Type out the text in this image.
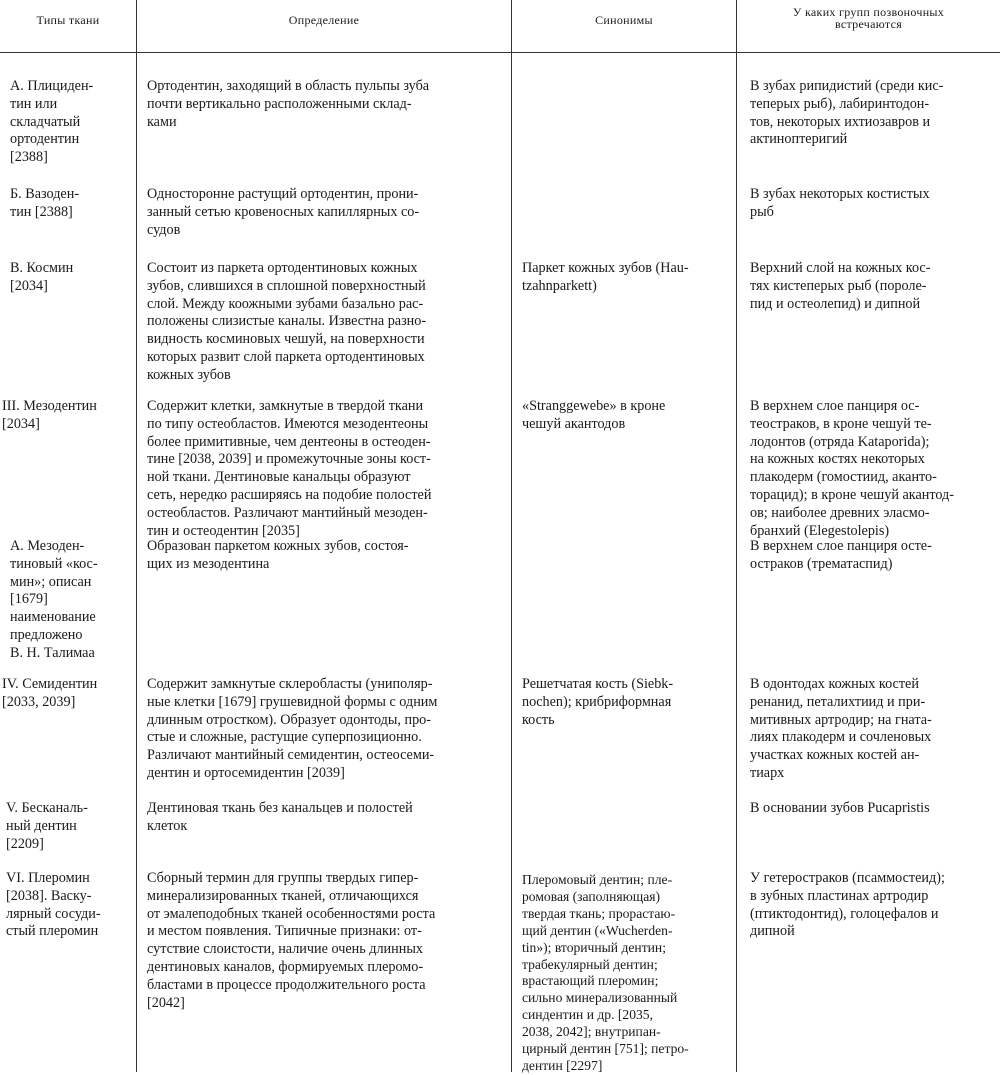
Типы ткани	Определение	Синонимы
У каких групп позвоночных
встречаются
А. Плициден-
тин или
складчатый
ортодентин
[2388]
Ортодентин, заходящий в область пульпы зуба
почти вертикально расположенными склад-
ками
В зубах рипидистий (среди кис-
теперых рыб), лабиринтодон-
тов, некоторых ихтиозавров и
актиноптеригий
Б. Вазоден-
тин [2388]
Односторонне растущий ортодентин, прони-
занный сетью кровеносных капиллярных со-
судов
В зубах некоторых костистых
рыб
В. Космин
[2034]
Состоит из паркета ортодентиновых кожных
зубов, слившихся в сплошной поверхностный
слой. Между коожными зубами базально рас-
положены слизистые каналы. Известна разно-
видность косминовых чешуй, на поверхности
которых развит слой паркета ортодентиновых
кожных зубов
Паркет кожных зубов (Hau-
tzahnparkett)
Верхний слой на кожных кос-
тях кистеперых рыб (пороле-
пид и остеолепид) и дипной
III. Мезодентин
[2034]
Содержит клетки, замкнутые в твердой ткани
по типу остеобластов. Имеются мезодентеоны
более примитивные, чем дентеоны в остеоден-
тине [2038, 2039] и промежуточные зоны кост-
ной ткани. Дентиновые канальцы образуют
сеть, нередко расширяясь на подобие полостей
остеобластов. Различают мантийный мезоден-
тин и остеодентин [2035]
«Stranggewebe» в кроне
чешуй акантодов
В верхнем слое панциря ос-
теостраков, в кроне чешуй те-
лодонтов (отряда Kataporida);
на кожных костях некоторых
плакодерм (гомостиид, аканто-
торацид); в кроне чешуй акантод-
ов; наиболее древних эласмо-
бранхий (Elegestolepis)
А. Мезоден-
тиновый «кос-
мин»; описан
[1679]
наименование
предложено
В. Н. Талимаа
Образован паркетом кожных зубов, состоя-
щих из мезодентина
В верхнем слое панциря осте-
остраков (трематаспид)
IV. Семидентин
[2033, 2039]
Содержит замкнутые склеробласты (униполяр-
ные клетки [1679] грушевидной формы с одним
длинным отростком). Образует одонтоды, про-
стые и сложные, растущие суперпозиционно.
Различают мантийный семидентин, остеосеми-
дентин и ортосемидентин [2039]
Решетчатая кость (Siebk-
nochen); крибриформная
кость
В одонтодах кожных костей
ренанид, петалихтиид и при-
митивных артродир; на гната-
лиях плакодерм и сочленовых
участках кожных костей ан-
тиарх
V. Бесканаль-
ный дентин
[2209]
Дентиновая ткань без канальцев и полостей
клеток
В основании зубов Pucapristis
VI. Плеромин
[2038]. Васку-
лярный сосуди-
стый плеромин
Сборный термин для группы твердых гипер-
минерализированных тканей, отличающихся
от эмалеподобных тканей особенностями роста
и местом появления. Типичные признаки: от-
сутствие слоистости, наличие очень длинных
дентиновых каналов, формируемых плеромо-
бластами в процессе продолжительного роста
[2042]
Плеромовый дентин; пле-
ромовая (заполняющая)
твердая ткань; прорастаю-
щий дентин («Wucherden-
tin»); вторичный дентин;
трабекулярный дентин;
врастающий плеромин;
сильно минерализованный
синдентин и др. [2035,
2038, 2042]; внутрипан-
цирный дентин [751]; петро-
дентин [2297]
У гетеростраков (псаммостеид);
в зубных пластинах артродир
(птиктодонтид), голоцефалов и
дипной
